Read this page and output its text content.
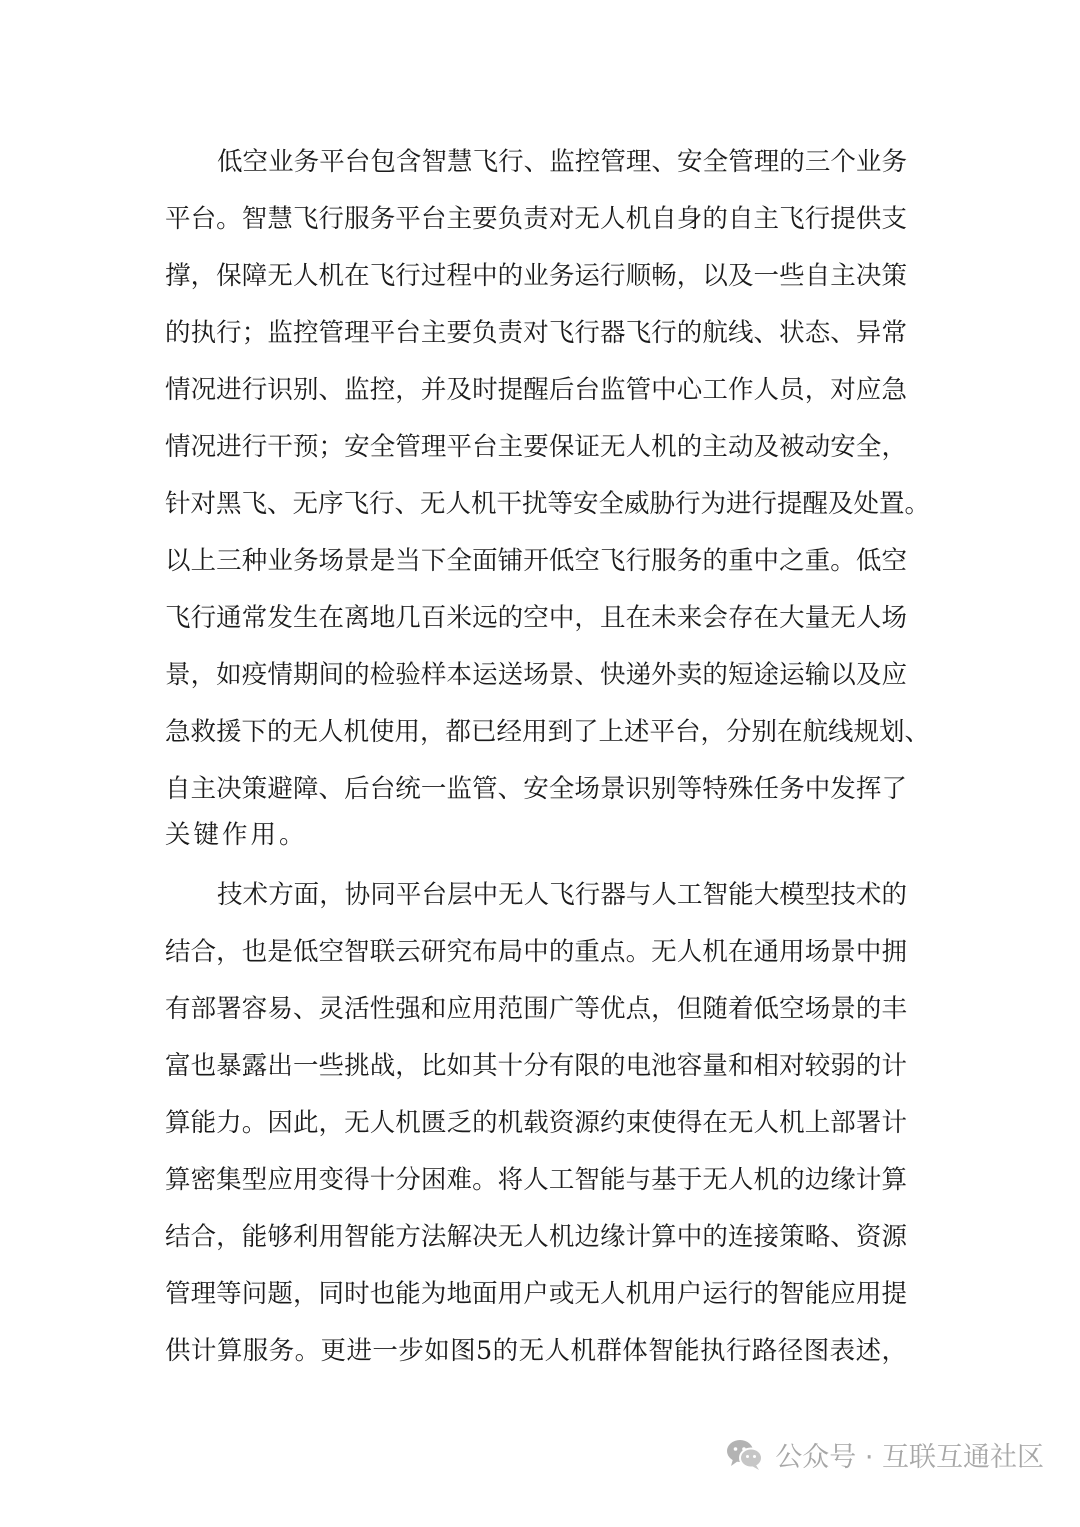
低空业务平台包含智慧飞行、监控管理、安全管理的三个业务
平台。智慧飞行服务平台主要负责对无人机自身的自主飞行提供支
撑，保障无人机在飞行过程中的业务运行顺畅，以及一些自主决策
的执行；监控管理平台主要负责对飞行器飞行的航线、状态、异常
情况进行识别、监控，并及时提醒后台监管中心工作人员，对应急
情况进行干预；安全管理平台主要保证无人机的主动及被动安全，
针对黑飞、无序飞行、无人机干扰等安全威胁行为进行提醒及处置。
以上三种业务场景是当下全面铺开低空飞行服务的重中之重。低空
飞行通常发生在离地几百米远的空中，且在未来会存在大量无人场
景，如疫情期间的检验样本运送场景、快递外卖的短途运输以及应
急救援下的无人机使用，都已经用到了上述平台，分别在航线规划、
自主决策避障、后台统一监管、安全场景识别等特殊任务中发挥了
关键作用。
技术方面，协同平台层中无人飞行器与人工智能大模型技术的
结合，也是低空智联云研究布局中的重点。无人机在通用场景中拥
有部署容易、灵活性强和应用范围广等优点，但随着低空场景的丰
富也暴露出一些挑战，比如其十分有限的电池容量和相对较弱的计
算能力。因此，无人机匮乏的机载资源约束使得在无人机上部署计
算密集型应用变得十分困难。将人工智能与基于无人机的边缘计算
结合，能够利用智能方法解决无人机边缘计算中的连接策略、资源
管理等问题，同时也能为地面用户或无人机用户运行的智能应用提
供计算服务。更进一步如图5的无人机群体智能执行路径图表述，
公众号 · 互联互通社区
